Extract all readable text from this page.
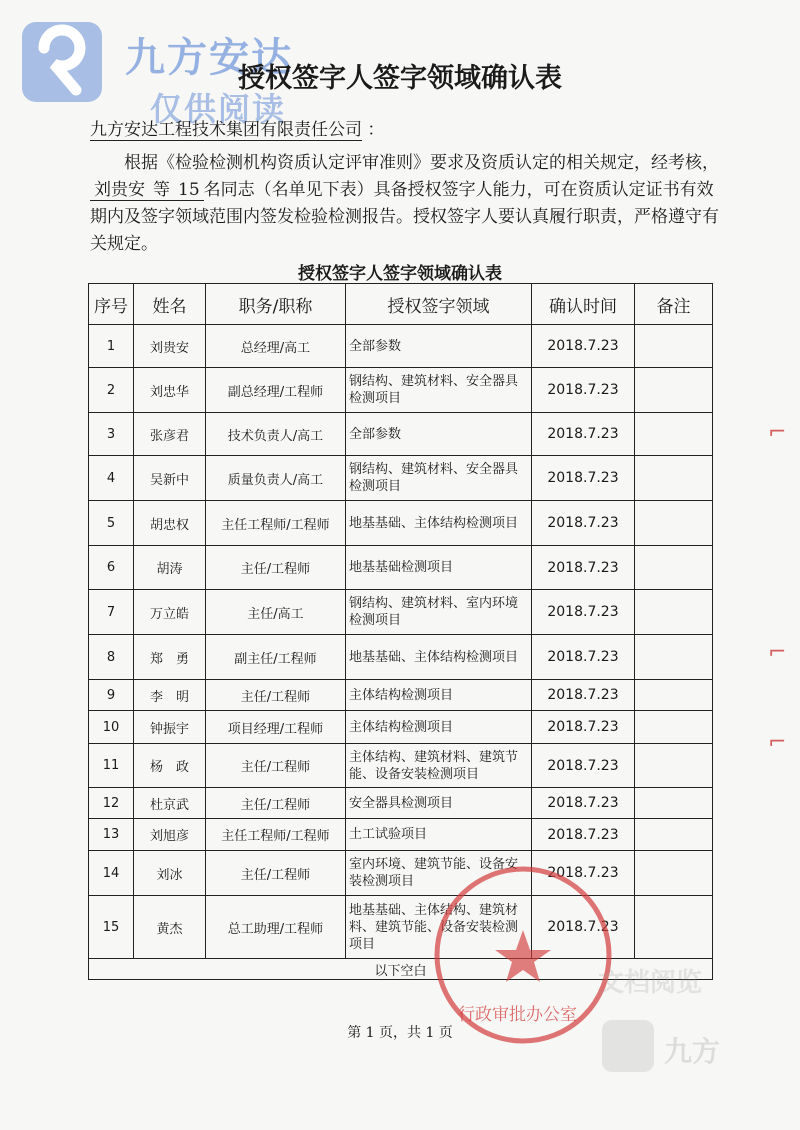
九方安达
仅供阅读
授权签字人签字领域确认表
九方安达工程技术集团有限责任公司 ：
根据《检验检测机构资质认定评审准则》要求及资质认定的相关规定，经考核，刘贵安 等 15 名同志（名单见下表）具备授权签字人能力，可在资质认定证书有效期内及签字领域范围内签发检验检测报告。授权签字人要认真履行职责，严格遵守有关规定。
授权签字人签字领域确认表
序号	姓名	职务/职称	授权签字领域	确认时间	备注
1	刘贵安	总经理/高工	全部参数	2018.7.23	
2	刘忠华	副总经理/工程师	钢结构、建筑材料、安全器具检测项目	2018.7.23	
3	张彦君	技术负责人/高工	全部参数	2018.7.23	
4	吴新中	质量负责人/高工	钢结构、建筑材料、安全器具检测项目	2018.7.23	
5	胡忠权	主任工程师/工程师	地基基础、主体结构检测项目	2018.7.23	
6	胡涛	主任/工程师	地基基础检测项目	2018.7.23	
7	万立皓	主任/高工	钢结构、建筑材料、室内环境检测项目	2018.7.23	
8	郑　勇	副主任/工程师	地基基础、主体结构检测项目	2018.7.23	
9	李　明	主任/工程师	主体结构检测项目	2018.7.23	
10	钟振宇	项目经理/工程师	主体结构检测项目	2018.7.23	
11	杨　政	主任/工程师	主体结构、建筑材料、建筑节能、设备安装检测项目	2018.7.23	
12	杜京武	主任/工程师	安全器具检测项目	2018.7.23	
13	刘旭彦	主任工程师/工程师	土工试验项目	2018.7.23	
14	刘冰	主任/工程师	室内环境、建筑节能、设备安装检测项目	2018.7.23	
15	黄杰	总工助理/工程师	地基基础、主体结构、建筑材料、建筑节能、设备安装检测项目	2018.7.23	
以下空白					
行政审批办公室
⌐
⌐
⌐
文档阅览
九方
第 1 页，共 1 页
